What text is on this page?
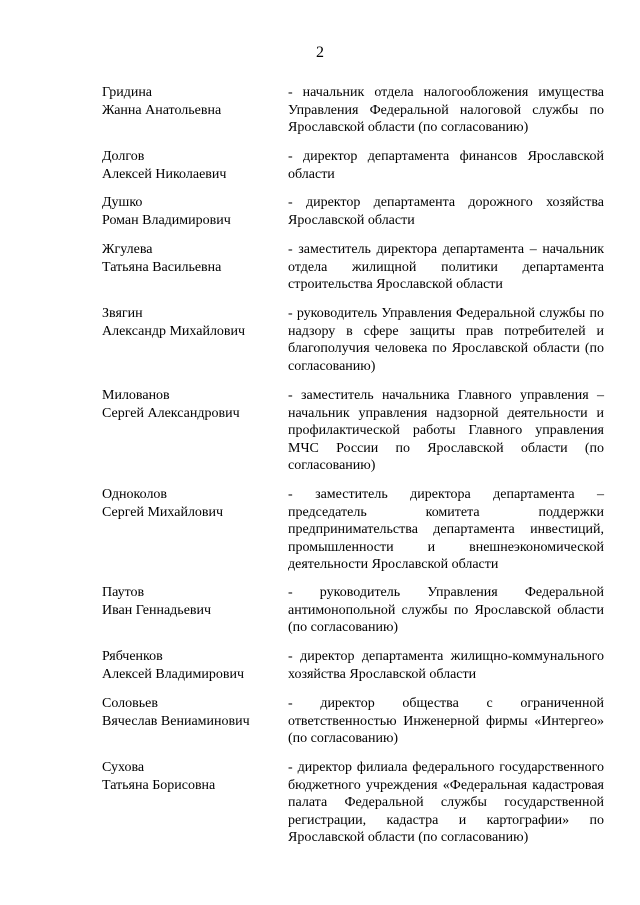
2
Гридина
Жанна Анатольевна
- начальник отдела налогообложения имущества Управления Федеральной налоговой службы по Ярославской области (по согласованию)
Долгов
Алексей Николаевич
- директор департамента финансов Ярославской области
Душко
Роман Владимирович
- директор департамента дорожного хозяйства Ярославской области
Жгулева
Татьяна Васильевна
- заместитель директора департамента – начальник отдела жилищной политики департамента строительства Ярославской области
Звягин
Александр Михайлович
- руководитель Управления Федеральной службы по надзору в сфере защиты прав потребителей и благополучия человека по Ярославской области (по согласованию)
Милованов
Сергей Александрович
- заместитель начальника Главного управления – начальник управления надзорной деятельности и профилактической работы Главного управления МЧС России по Ярославской области (по согласованию)
Одноколов
Сергей Михайлович
- заместитель директора департамента – председатель комитета поддержки предпринимательства департамента инвестиций, промышленности и внешнеэкономической деятельности Ярославской области
Паутов
Иван Геннадьевич
- руководитель Управления Федеральной антимонопольной службы по Ярославской области (по согласованию)
Рябченков
Алексей Владимирович
- директор департамента жилищно-коммунального хозяйства Ярославской области
Соловьев
Вячеслав Вениаминович
- директор общества с ограниченной ответственностью Инженерной фирмы «Интергео» (по согласованию)
Сухова
Татьяна Борисовна
- директор филиала федерального государственного бюджетного учреждения «Федеральная кадастровая палата Федеральной службы государственной регистрации, кадастра и картографии» по Ярославской области (по согласованию)
